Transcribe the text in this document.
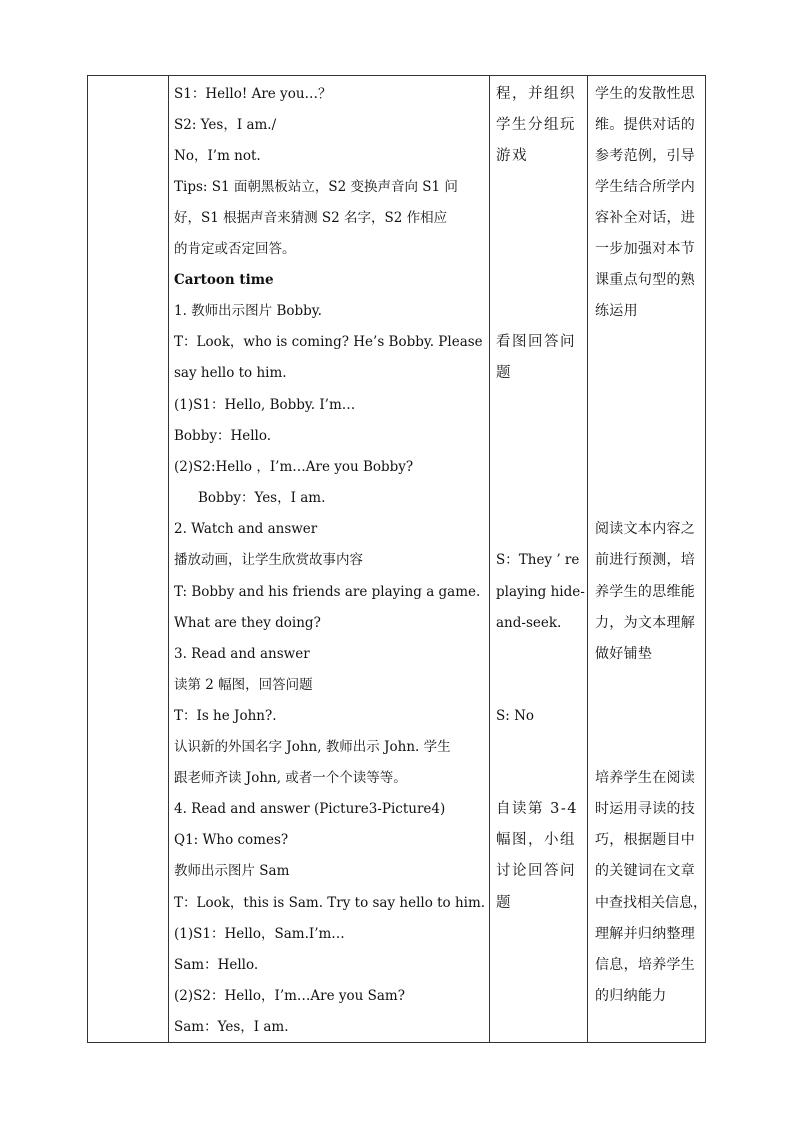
S1：Hello! Are you…？
S2: Yes，I am./
No，I’m not.
Tips: S1 面朝黑板站立，S2 变换声音向 S1 问
好，S1 根据声音来猜测 S2 名字，S2 作相应
的肯定或否定回答。
Cartoon time
1. 教师出示图片 Bobby.
T：Look，who is coming? He’s Bobby. Please
say hello to him.
(1)S1：Hello, Bobby. I’m…
Bobby：Hello.
(2)S2:Hello ，I’m…Are you Bobby?
Bobby：Yes，I am.
2. Watch and answer
播放动画，让学生欣赏故事内容
T: Bobby and his friends are playing a game.
What are they doing?
3. Read and answer
读第 2 幅图，回答问题
T：Is he John?.
认识新的外国名字 John, 教师出示 John. 学生
跟老师齐读 John, 或者一个个读等等。
4. Read and answer (Picture3-Picture4)
Q1: Who comes?
教师出示图片 Sam
T：Look，this is Sam. Try to say hello to him.
(1)S1：Hello，Sam.I’m…
Sam：Hello.
(2)S2：Hello，I’m…Are you Sam?
Sam：Yes，I am.
程，并组织
学生分组玩
游戏
看图回答问
题
S：They ’ re
playing hide-
and-seek.
S: No
自读第 3-4
幅图，小组
讨论回答问
题
学生的发散性思
维。提供对话的
参考范例，引导
学生结合所学内
容补全对话，进
一步加强对本节
课重点句型的熟
练运用
阅读文本内容之
前进行预测，培
养学生的思维能
力，为文本理解
做好铺垫
培养学生在阅读
时运用寻读的技
巧，根据题目中
的关键词在文章
中查找相关信息，
理解并归纳整理
信息，培养学生
的归纳能力
